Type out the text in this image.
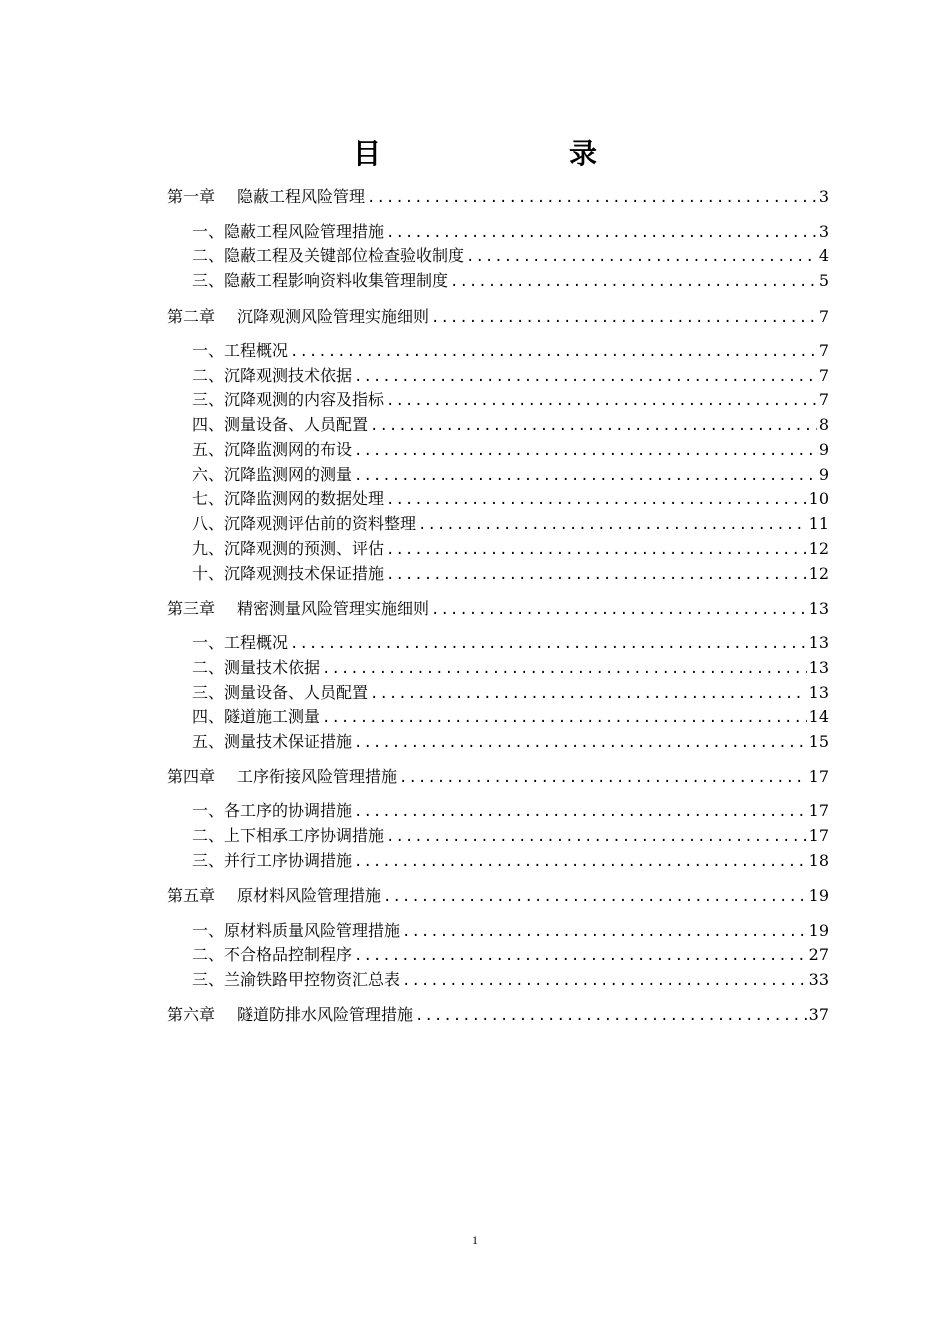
目　　录
第一章 隐蔽工程风险管理 .....	3
一、隐蔽工程风险管理措施 .....	3
二、隐蔽工程及关键部位检查验收制度 .....	4
三、隐蔽工程影响资料收集管理制度 .....	5
第二章 沉降观测风险管理实施细则 .....	7
一、工程概况 .....	7
二、沉降观测技术依据 .....	7
三、沉降观测的内容及指标 .....	7
四、测量设备、人员配置 .....	8
五、沉降监测网的布设 .....	9
六、沉降监测网的测量 .....	9
七、沉降监测网的数据处理 .....	10
八、沉降观测评估前的资料整理 .....	11
九、沉降观测的预测、评估 .....	12
十、沉降观测技术保证措施 .....	12
第三章 精密测量风险管理实施细则 .....	13
一、工程概况 .....	13
二、测量技术依据 .....	13
三、测量设备、人员配置 .....	13
四、隧道施工测量 .....	14
五、测量技术保证措施 .....	15
第四章 工序衔接风险管理措施 .....	17
一、各工序的协调措施 .....	17
二、上下相承工序协调措施 .....	17
三、并行工序协调措施 .....	18
第五章 原材料风险管理措施 .....	19
一、原材料质量风险管理措施 .....	19
二、不合格品控制程序 .....	27
三、兰渝铁路甲控物资汇总表 .....	33
第六章 隧道防排水风险管理措施 .....	37
1
